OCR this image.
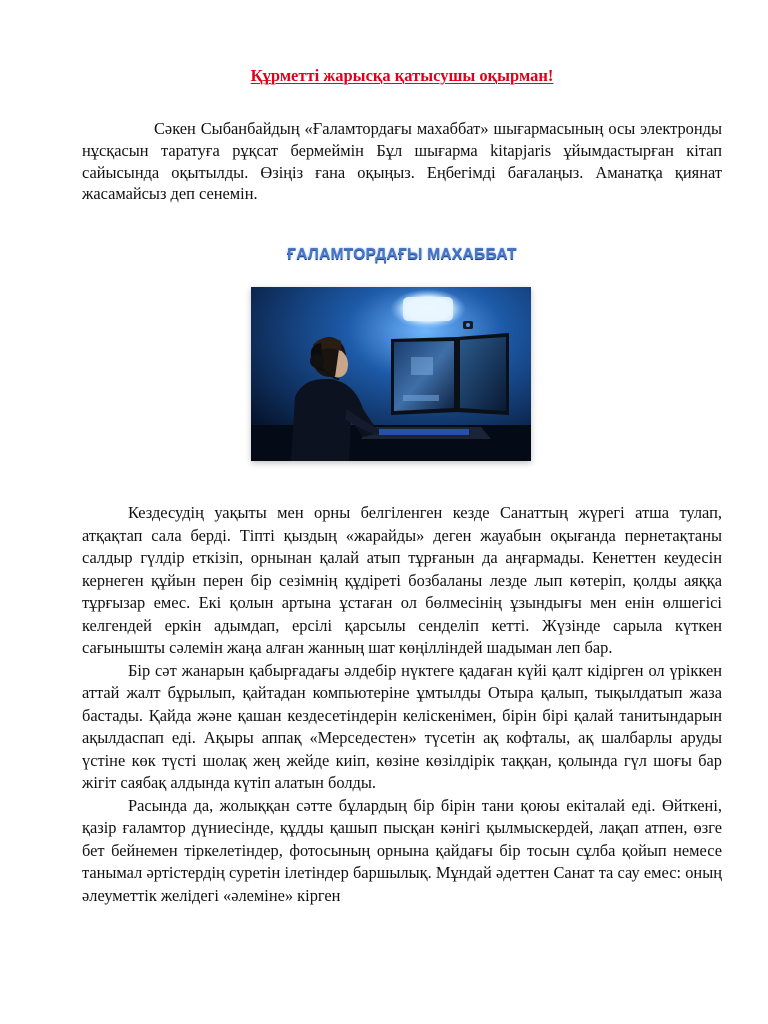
Құрметті жарысқа қатысушы оқырман!

Сәкен Сыбанбайдың «Ғаламтордағы махаббат» шығармасының осы электронды нұсқасын таратуға рұқсат бермеймін Бұл шығарма kitapjaris ұйымдастырған кітап сайысында оқытылды. Өзіңіз ғана оқыңыз. Еңбегімді бағалаңыз. Аманатқа қиянат жасамайсыз деп сенемін.

ҒАЛАМТОРДАҒЫ МАХАББАТ

Кездесудің уақыты мен орны белгіленген кезде Санаттың жүрегі атша тулап, атқақтап сала берді. Тіпті қыздың «жарайды» деген жауабын оқығанда пернетақтаны салдыр гүлдір еткізіп, орнынан қалай атып тұрғанын да аңғармады. Кенеттен кеудесін кернеген құйын перен бір сезімнің құдіреті бозбаланы лезде лып көтеріп, қолды аяққа тұрғызар емес. Екі қолын артына ұстаған ол бөлмесінің ұзындығы мен енін өлшегісі келгендей еркін адымдап, ерсілі қарсылы сенделіп кетті. Жүзінде сарыла күткен сағынышты сәлемін жаңа алған жанның шат көңілліндей шадыман леп бар.

Бір сәт жанарын қабырғадағы әлдебір нүктеге қадаған күйі қалт кідірген ол үріккен аттай жалт бұрылып, қайтадан компьютеріне ұмтылды Отыра қалып, тықылдатып жаза бастады. Қайда және қашан кездесетіндерін келіскенімен, бірін бірі қалай танитындарын ақылдаспап еді. Ақыры аппақ «Мерседестен» түсетін ақ кофталы, ақ шалбарлы аруды үстіне көк түсті шолақ жең жейде киіп, көзіне көзілдірік таққан, қолында гүл шоғы бар жігіт саябақ алдында күтіп алатын болды.

Расында да, жолыққан сәтте бұлардың бір бірін тани қоюы екіталай еді. Өйткені, қазір ғаламтор дүниесінде, құдды қашып пысқан кәнігі қылмыскердей, лақап атпен, өзге бет бейнемен тіркелетіндер, фотосының орнына қайдағы бір тосын сұлба қойып немесе танымал әртістердің суретін ілетіндер баршылық. Мұндай әдеттен Санат та сау емес: оның әлеуметтік желідегі «әлеміне» кірген
